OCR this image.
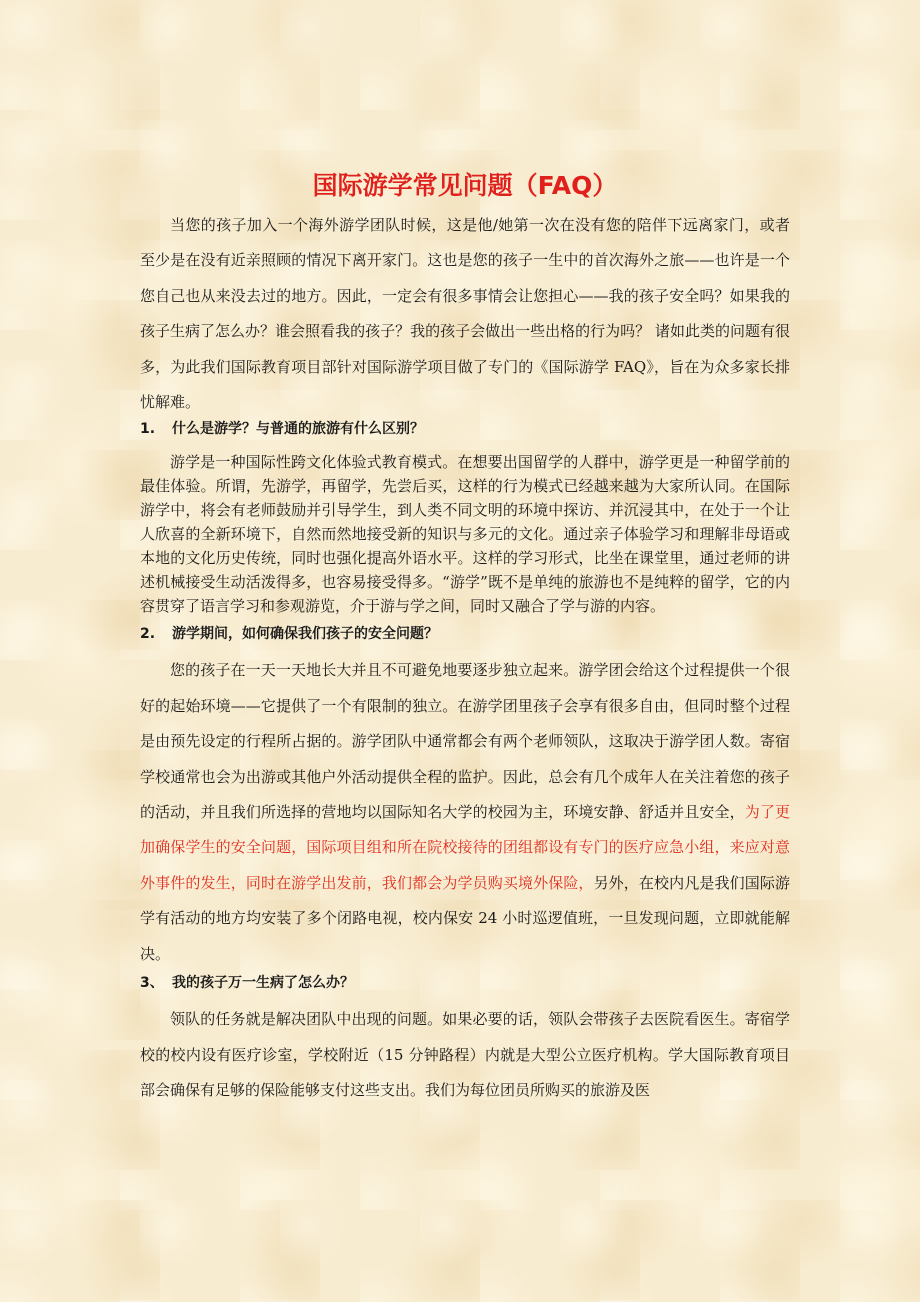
国际游学常见问题（FAQ）

当您的孩子加入一个海外游学团队时候，这是他/她第一次在没有您的陪伴下远离家门，或者至少是在没有近亲照顾的情况下离开家门。这也是您的孩子一生中的首次海外之旅——也许是一个您自己也从来没去过的地方。因此，一定会有很多事情会让您担心——我的孩子安全吗？如果我的孩子生病了怎么办？谁会照看我的孩子？我的孩子会做出一些出格的行为吗？ 诸如此类的问题有很多，为此我们国际教育项目部针对国际游学项目做了专门的《国际游学 FAQ》，旨在为众多家长排忧解难。

1. 什么是游学？与普通的旅游有什么区别？

游学是一种国际性跨文化体验式教育模式。在想要出国留学的人群中，游学更是一种留学前的最佳体验。所谓，先游学，再留学，先尝后买，这样的行为模式已经越来越为大家所认同。在国际游学中，将会有老师鼓励并引导学生，到人类不同文明的环境中探访、并沉浸其中，在处于一个让人欣喜的全新环境下，自然而然地接受新的知识与多元的文化。通过亲子体验学习和理解非母语或本地的文化历史传统，同时也强化提高外语水平。这样的学习形式，比坐在课堂里，通过老师的讲述机械接受生动活泼得多，也容易接受得多。“游学”既不是单纯的旅游也不是纯粹的留学，它的内容贯穿了语言学习和参观游览，介于游与学之间，同时又融合了学与游的内容。

2. 游学期间，如何确保我们孩子的安全问题？

您的孩子在一天一天地长大并且不可避免地要逐步独立起来。游学团会给这个过程提供一个很好的起始环境——它提供了一个有限制的独立。在游学团里孩子会享有很多自由，但同时整个过程是由预先设定的行程所占据的。游学团队中通常都会有两个老师领队，这取决于游学团人数。寄宿学校通常也会为出游或其他户外活动提供全程的监护。因此，总会有几个成年人在关注着您的孩子的活动，并且我们所选择的营地均以国际知名大学的校园为主，环境安静、舒适并且安全，为了更加确保学生的安全问题，国际项目组和所在院校接待的团组都设有专门的医疗应急小组，来应对意外事件的发生，同时在游学出发前，我们都会为学员购买境外保险，另外，在校内凡是我们国际游学有活动的地方均安装了多个闭路电视，校内保安 24 小时巡逻值班，一旦发现问题，立即就能解决。

3、 我的孩子万一生病了怎么办？

领队的任务就是解决团队中出现的问题。如果必要的话，领队会带孩子去医院看医生。寄宿学校的校内设有医疗诊室，学校附近（15 分钟路程）内就是大型公立医疗机构。学大国际教育项目部会确保有足够的保险能够支付这些支出。我们为每位团员所购买的旅游及医
